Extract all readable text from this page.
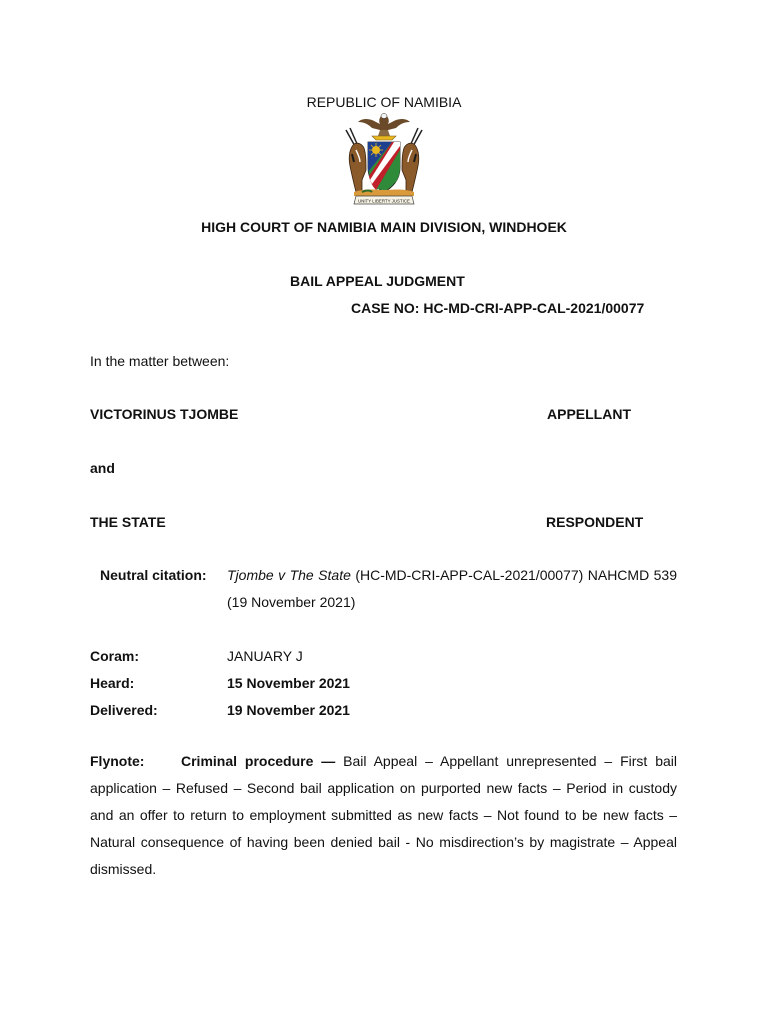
REPUBLIC OF NAMIBIA
UNITY LIBERTY JUSTICE
HIGH COURT OF NAMIBIA MAIN DIVISION, WINDHOEK
BAIL APPEAL JUDGMENT
CASE NO: HC-MD-CRI-APP-CAL-2021/00077
In the matter between:
VICTORINUS TJOMBE	APPELLANT
and
THE STATE	RESPONDENT
Neutral citation: Tjombe v The State (HC-MD-CRI-APP-CAL-2021/00077) NAHCMD 539 (19 November 2021)
Coram:	JANUARY J
Heard:	15 November 2021
Delivered:	19 November 2021
Flynote:	Criminal procedure — Bail Appeal – Appellant unrepresented – First bail application – Refused – Second bail application on purported new facts – Period in custody and an offer to return to employment submitted as new facts – Not found to be new facts – Natural consequence of having been denied bail - No misdirection’s by magistrate – Appeal dismissed.
